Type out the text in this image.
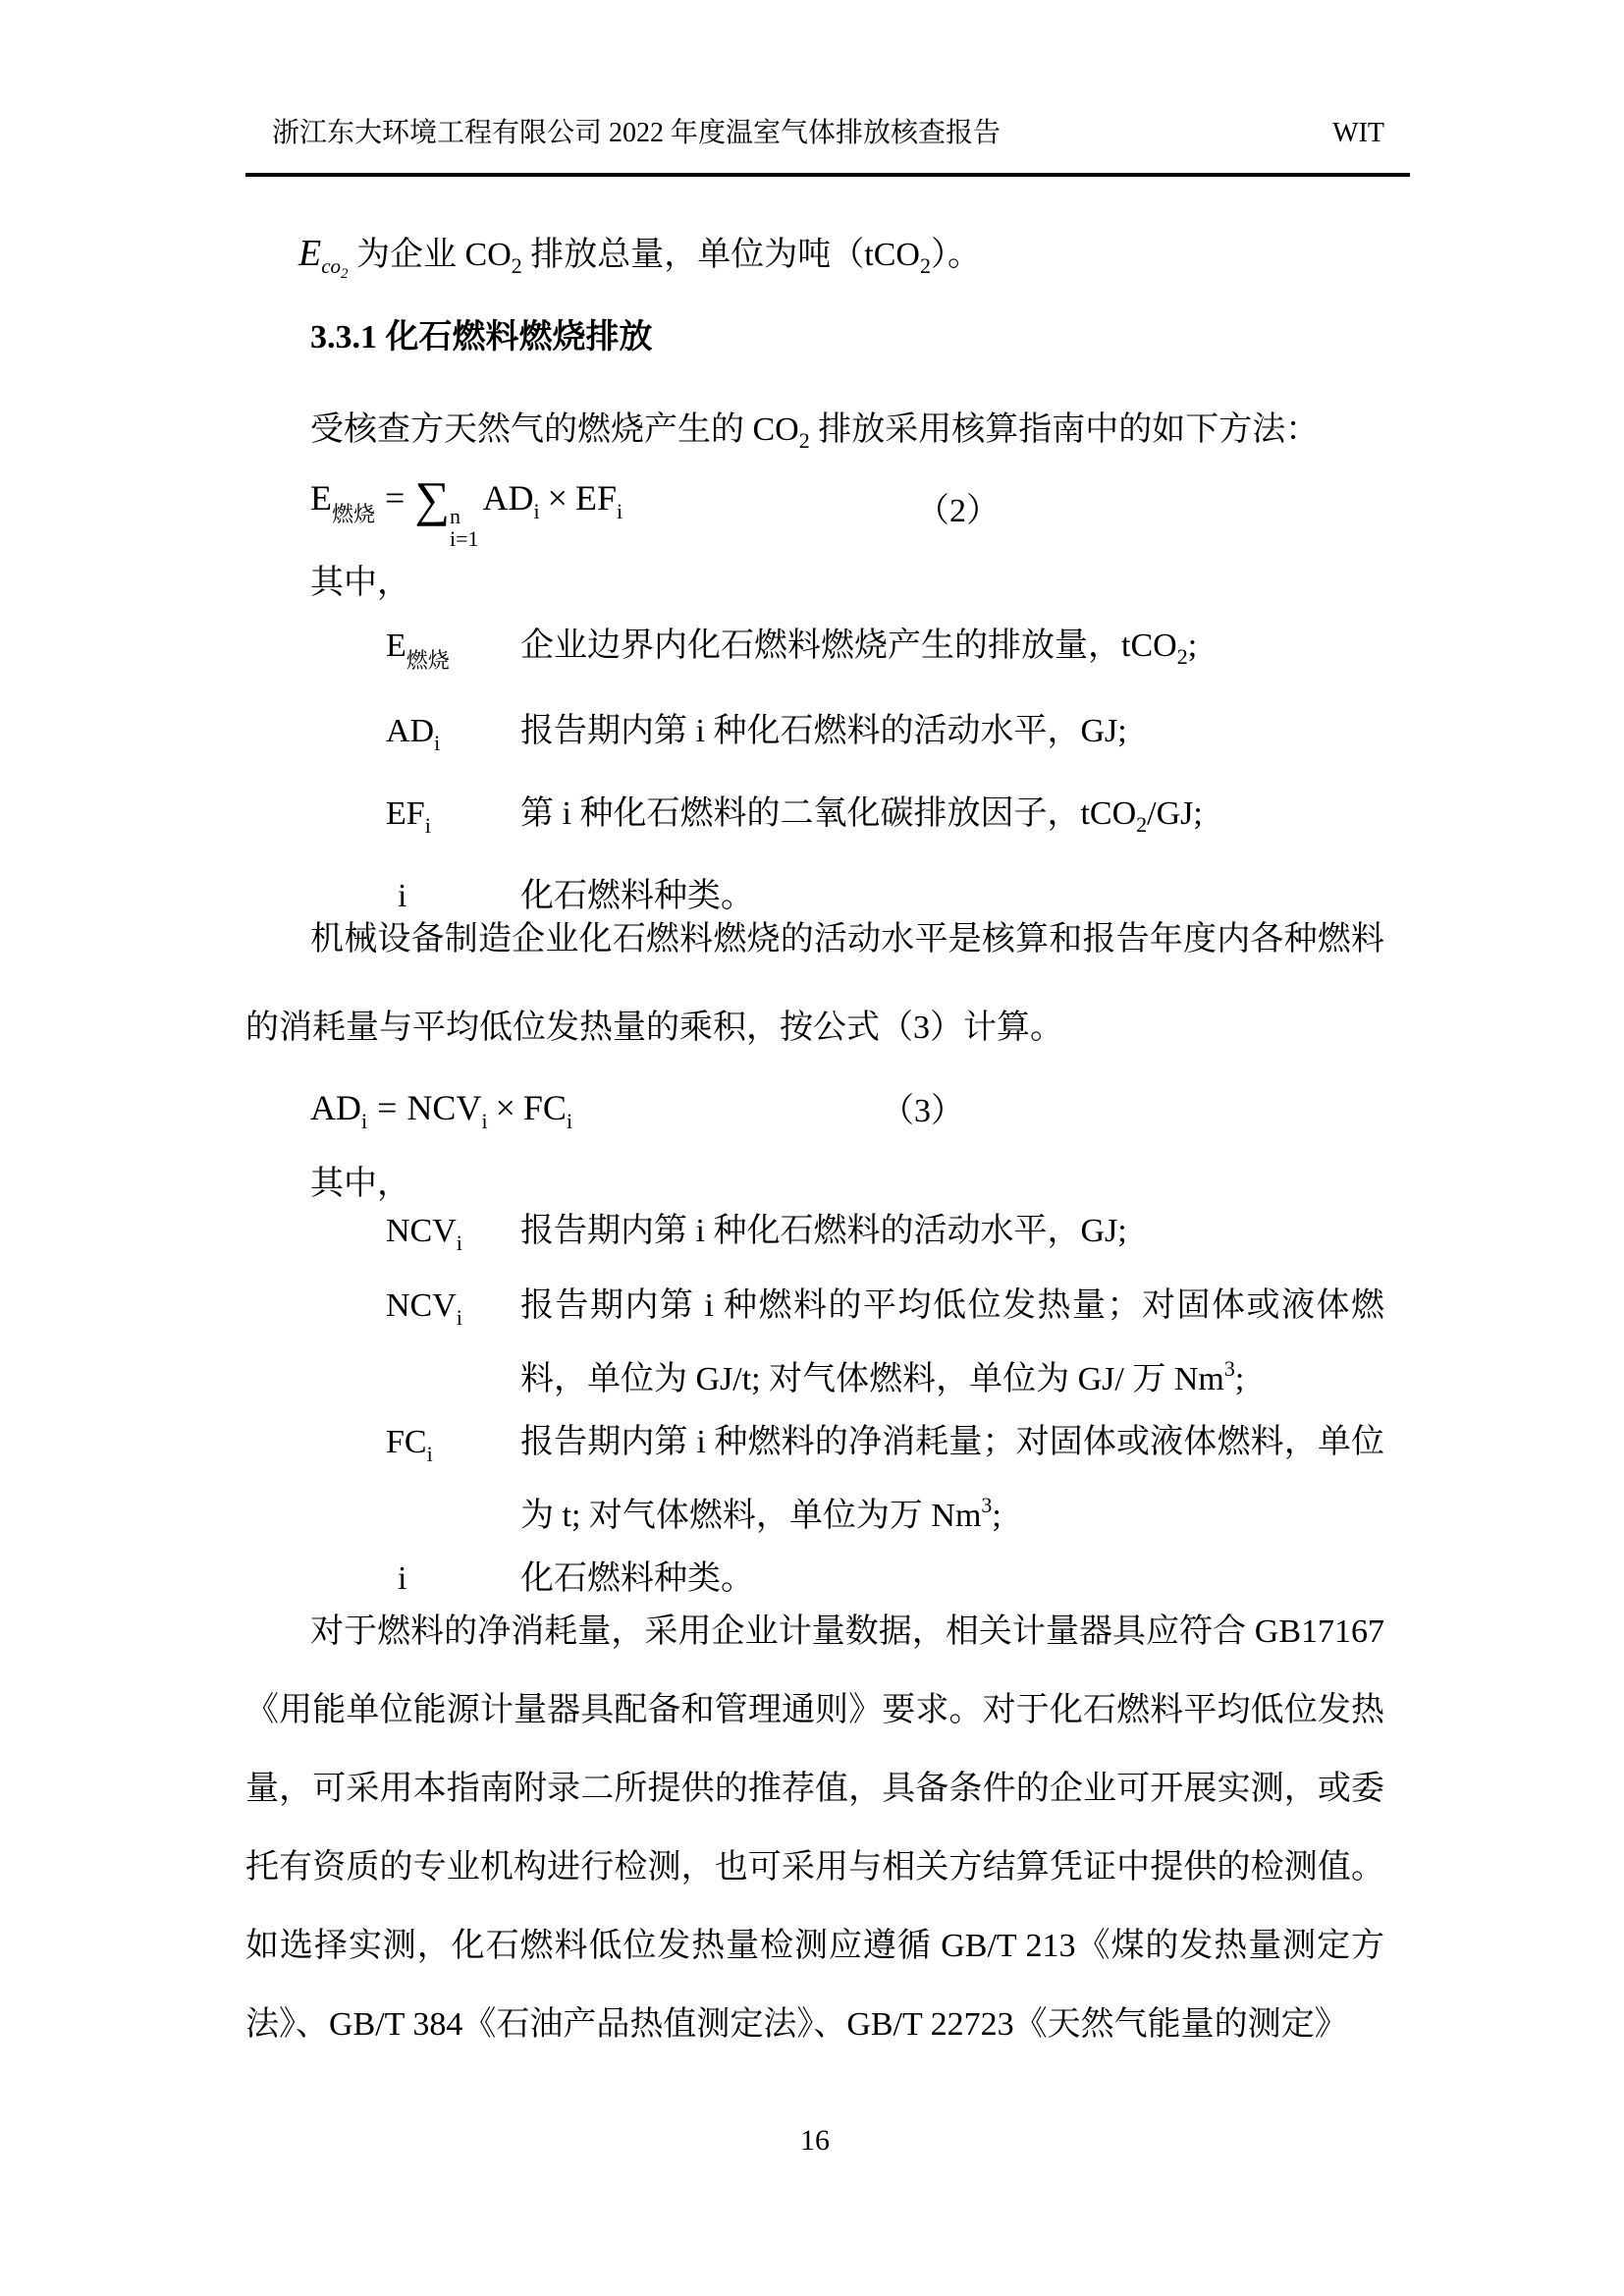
浙江东大环境工程有限公司 2022 年度温室气体排放核查报告	WIT

$E_{co_2}$ 为企业 $CO_2$ 排放总量，单位为吨（tCO$_2$）。

3.3.1 化石燃料燃烧排放

受核查方天然气的燃烧产生的 $CO_2$ 排放采用核算指南中的如下方法：

$E_{燃烧}$ = ∑ n
i=1
$AD_i \times EF_i$	（2）

其中，

$E_{燃烧}$	企业边界内化石燃料燃烧产生的排放量，tCO$_2$;
$AD_i$	报告期内第 i 种化石燃料的活动水平，GJ;
$EF_i$	第 i 种化石燃料的二氧化碳排放因子，tCO$_2$/GJ;
i	化石燃料种类。

机械设备制造企业化石燃料燃烧的活动水平是核算和报告年度内各种燃料的消耗量与平均低位发热量的乘积，按公式（3）计算。

$AD_i = NCV_i \times FC_i$	（3）

其中，

$NCV_i$	报告期内第 i 种化石燃料的活动水平，GJ;
$NCV_i$	报告期内第 i 种燃料的平均低位发热量；对固体或液体燃料，单位为 GJ/t; 对气体燃料，单位为 GJ/ 万 Nm$^3$;
$FC_i$	报告期内第 i 种燃料的净消耗量；对固体或液体燃料，单位为 t; 对气体燃料，单位为万 Nm$^3$;
i	化石燃料种类。

对于燃料的净消耗量，采用企业计量数据，相关计量器具应符合 GB17167《用能单位能源计量器具配备和管理通则》要求。对于化石燃料平均低位发热量，可采用本指南附录二所提供的推荐值，具备条件的企业可开展实测，或委托有资质的专业机构进行检测，也可采用与相关方结算凭证中提供的检测值。如选择实测，化石燃料低位发热量检测应遵循 GB/T 213《煤的发热量测定方法》、GB/T 384《石油产品热值测定法》、GB/T 22723《天然气能量的测定》

16
